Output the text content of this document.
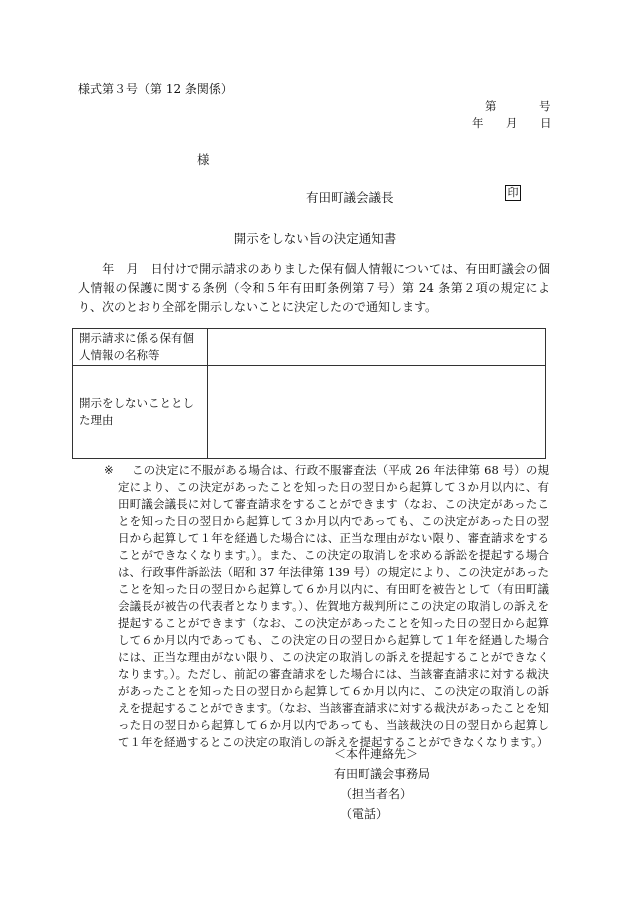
様式第３号（第 12 条関係）
第	号
年 月 日
様
有田町議会議長	印
開示をしない旨の決定通知書

　　年　月　日付けで開示請求のありました保有個人情報については、有田町議会の個人情報の保護に関する条例（令和５年有田町条例第７号）第 24 条第２項の規定により、次のとおり全部を開示しないことに決定したので通知します。

開示請求に係る保有個人情報の名称等	
開示をしないこととした理由	
※	この決定に不服がある場合は、行政不服審査法（平成 26 年法律第 68 号）の規定により、この決定があったことを知った日の翌日から起算して３か月以内に、有田町議会議長に対して審査請求をすることができます（なお、この決定があったことを知った日の翌日から起算して３か月以内であっても、この決定があった日の翌日から起算して１年を経過した場合には、正当な理由がない限り、審査請求をすることができなくなります。）。また、この決定の取消しを求める訴訟を提起する場合は、行政事件訴訟法（昭和 37 年法律第 139 号）の規定により、この決定があったことを知った日の翌日から起算して６か月以内に、有田町を被告として（有田町議会議長が被告の代表者となります。）、佐賀地方裁判所にこの決定の取消しの訴えを提起することができます（なお、この決定があったことを知った日の翌日から起算して６か月以内であっても、この決定の日の翌日から起算して１年を経過した場合には、正当な理由がない限り、この決定の取消しの訴えを提起することができなくなります。）。ただし、前記の審査請求をした場合には、当該審査請求に対する裁決があったことを知った日の翌日から起算して６か月以内に、この決定の取消しの訴えを提起することができます。（なお、当該審査請求に対する裁決があったことを知った日の翌日から起算して６か月以内であっても、当該裁決の日の翌日から起算して１年を経過するとこの決定の取消しの訴えを提起することができなくなります。）

＜本件連絡先＞
有田町議会事務局
（担当者名）
（電話）
